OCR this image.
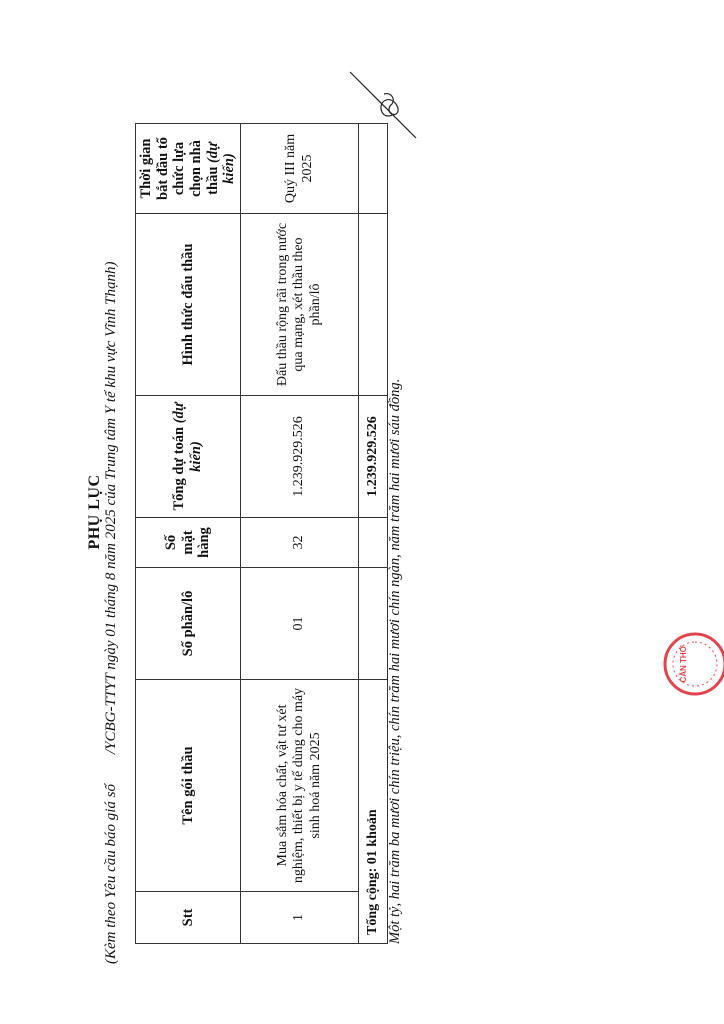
PHỤ LỤC
(Kèm theo Yêu cầu báo giá số/YCBG-TTYT ngày 01 tháng 8 năm 2025 của Trung tâm Y tế khu vực Vĩnh Thạnh)
Stt	Tên gói thầu	Số phần/lô	Số mặt hàng	Tổng dự toán (dự kiến)	Hình thức đấu thầu	Thời gian bắt đầu tổ chức lựa chọn nhà thầu (dự kiến)
1	Mua sắm hóa chất, vật tư xét nghiệm, thiết bị y tế dùng cho máy sinh hoá năm 2025	01	32	1.239.929.526	Đấu thầu rộng rãi trong nước qua mạng, xét thầu theo phần/lô	Quý III năm 2025
Tổng cộng: 01 khoản				1.239.929.526		Một tỷ, hai trăm ba mươi chín triệu, chín trăm hai mươi chín ngàn, năm trăm hai mươi sáu đồng.	CẦN THƠ
